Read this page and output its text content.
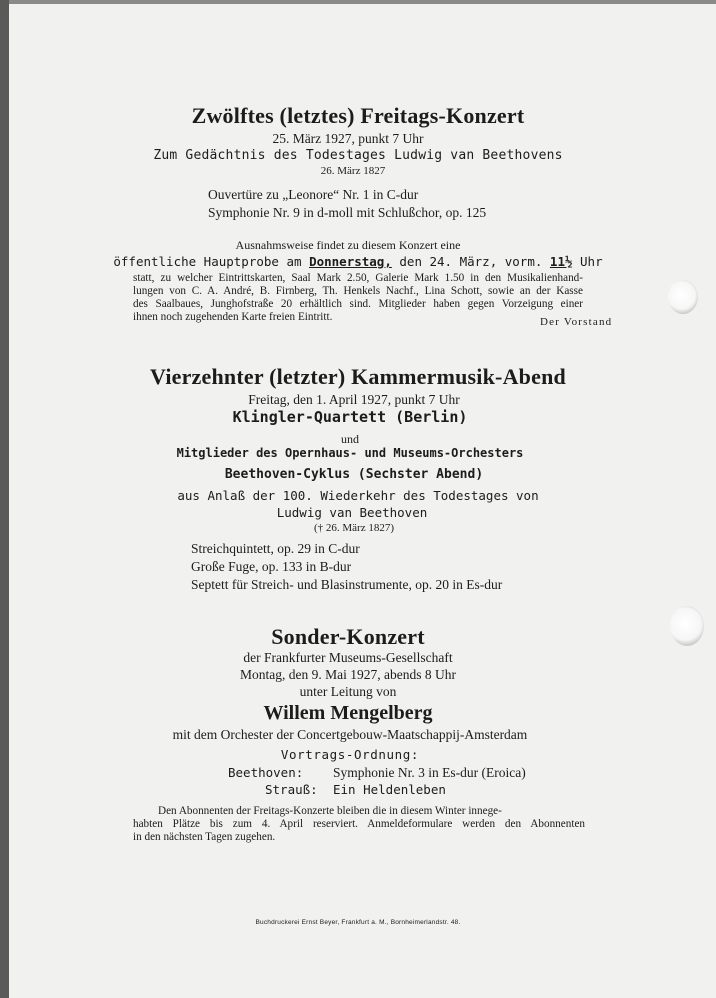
Zwölftes (letztes) Freitags-Konzert
25. März 1927, punkt 7 Uhr
Zum Gedächtnis des Todestages Ludwig van Beethovens
26. März 1827
Ouvertüre zu „Leonore“ Nr. 1 in C-dur
Symphonie Nr. 9 in d-moll mit Schlußchor, op. 125
Ausnahmsweise findet zu diesem Konzert eine
öffentliche Hauptprobe am Donnerstag, den 24. März, vorm. 11½ Uhr
statt, zu welcher Eintrittskarten, Saal Mark 2.50, Galerie Mark 1.50 in den Musikalienhand-
lungen von C. A. André, B. Firnberg, Th. Henkels Nachf., Lina Schott, sowie an der Kasse
des Saalbaues, Junghofstraße 20 erhältlich sind. Mitglieder haben gegen Vorzeigung einer
ihnen noch zugehenden Karte freien Eintritt.	Der Vorstand
Vierzehnter (letzter) Kammermusik-Abend
Freitag, den 1. April 1927, punkt 7 Uhr
Klingler-Quartett (Berlin)
und
Mitglieder des Opernhaus- und Museums-Orchesters
Beethoven-Cyklus (Sechster Abend)
aus Anlaß der 100. Wiederkehr des Todestages von
Ludwig van Beethoven
(† 26. März 1827)
Streichquintett, op. 29 in C-dur
Große Fuge, op. 133 in B-dur
Septett für Streich- und Blasinstrumente, op. 20 in Es-dur
Sonder-Konzert
der Frankfurter Museums-Gesellschaft
Montag, den 9. Mai 1927, abends 8 Uhr
unter Leitung von
Willem Mengelberg
mit dem Orchester der Concertgebouw-Maatschappij-Amsterdam
Vortrags-Ordnung:
Beethoven: Symphonie Nr. 3 in Es-dur (Eroica)
Strauß: Ein Heldenleben
Den Abonnenten der Freitags-Konzerte bleiben die in diesem Winter innege-
habten Plätze bis zum 4. April reserviert. Anmeldeformulare werden den Abonnenten
in den nächsten Tagen zugehen.
Buchdruckerei Ernst Beyer, Frankfurt a. M., Bornheimerlandstr. 48.
